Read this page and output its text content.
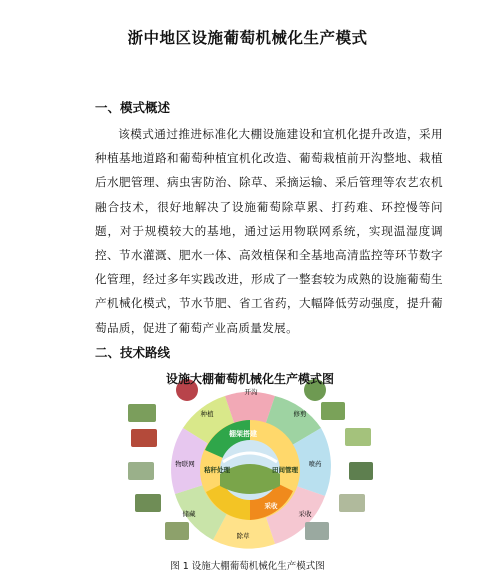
浙中地区设施葡萄机械化生产模式
一、模式概述
该模式通过推进标准化大棚设施建设和宜机化提升改造，采用种植基地道路和葡萄种植宜机化改造、葡萄栽植前开沟整地、栽植后水肥管理、病虫害防治、除草、采摘运输、采后管理等农艺农机融合技术，很好地解决了设施葡萄除草累、打药难、环控慢等问题，对于规模较大的基地，通过运用物联网系统，实现温湿度调控、节水灌溉、肥水一体、高效植保和全基地高清监控等环节数字化管理，经过多年实践改进，形成了一整套较为成熟的设施葡萄生产机械化模式，节水节肥、省工省药，大幅降低劳动强度，提升葡萄品质，促进了葡萄产业高质量发展。
二、技术路线
设施大棚葡萄机械化生产模式图
开沟
种植	修剪
喷药
采收
除草
储藏
物联网
棚架搭建
秸秆处理	田间管理
采收
图 1 设施大棚葡萄机械化生产模式图
